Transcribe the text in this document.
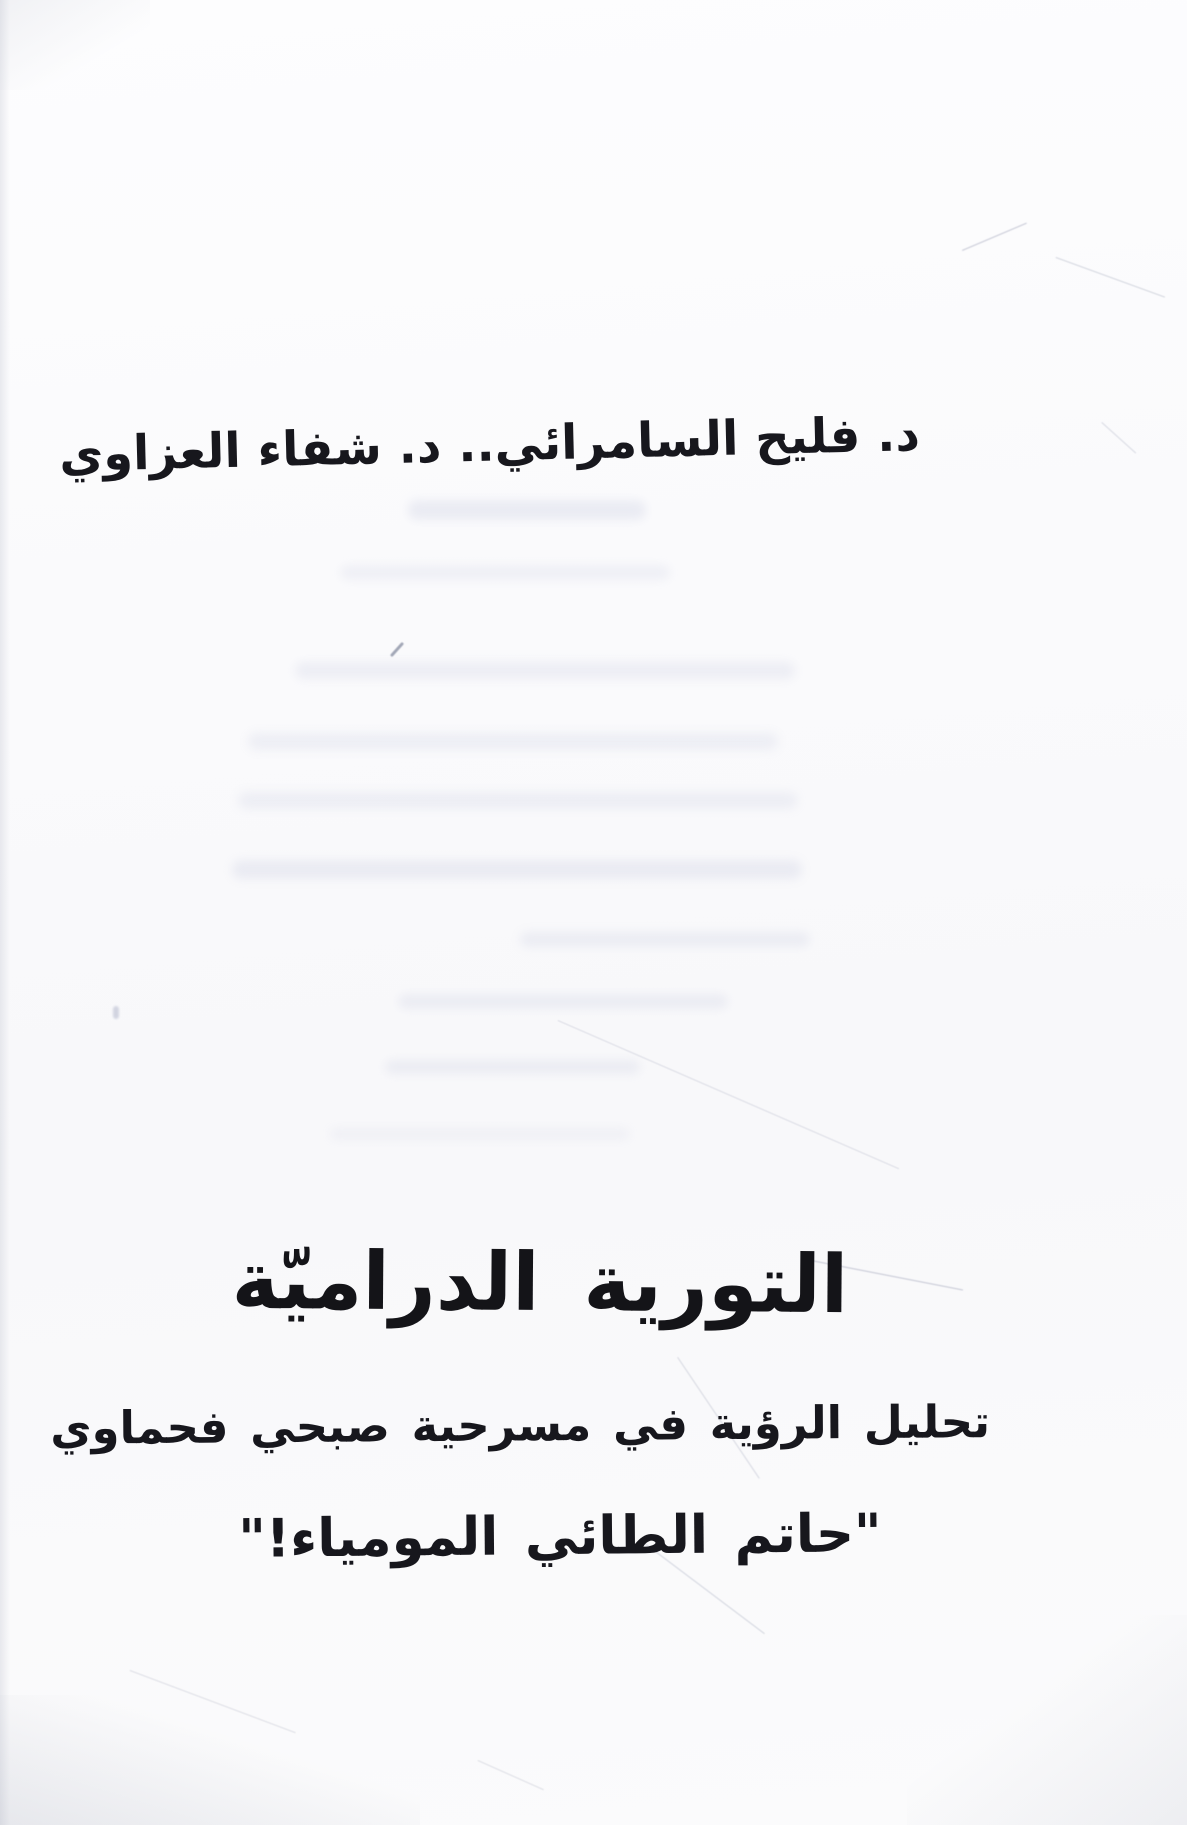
د. فليح السامرائي.. د. شفاء العزاوي
التورية الدراميّة
تحليل الرؤية في مسرحية صبحي فحماوي
"حاتم الطائي المومياء!"
